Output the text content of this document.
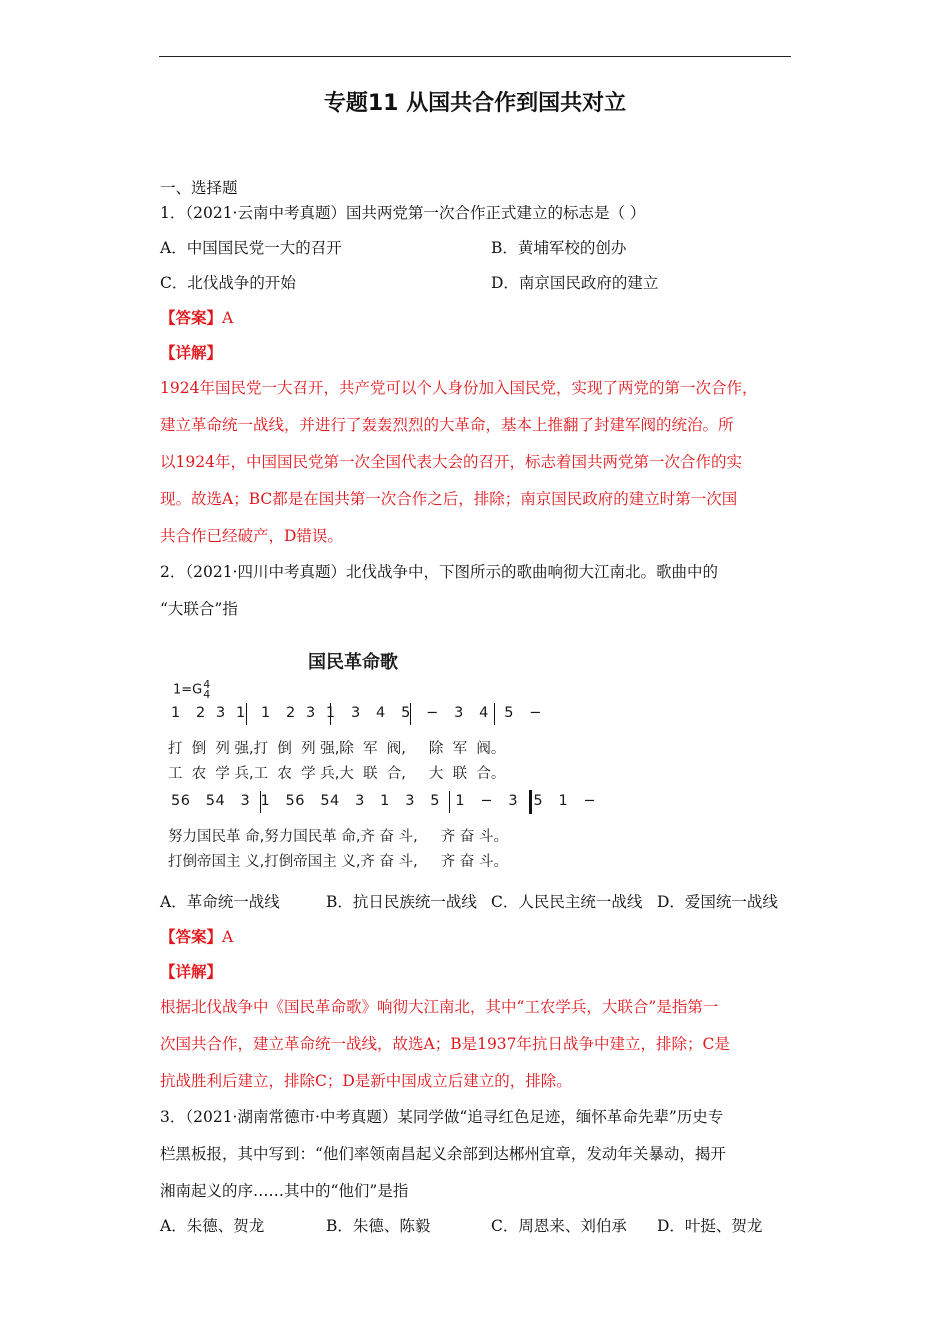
专题11 从国共合作到国共对立
一、选择题
1．（2021·云南中考真题）国共两党第一次合作正式建立的标志是（ ）
A．中国国民党一大的召开	B．黄埔军校的创办
C．北伐战争的开始	D．南京国民政府的建立
【答案】A
【详解】
1924年国民党一大召开，共产党可以个人身份加入国民党，实现了两党的第一次合作，
建立革命统一战线，并进行了轰轰烈烈的大革命，基本上推翻了封建军阀的统治。所
以1924年，中国国民党第一次全国代表大会的召开，标志着国共两党第一次合作的实
现。故选A；BC都是在国共第一次合作之后，排除；南京国民政府的建立时第一次国
共合作已经破产，D错误。
2．（2021·四川中考真题）北伐战争中，下图所示的歌曲响彻大江南北。歌曲中的
“大联合”指
国民革命歌
1=G4
4
1   2  3  1   1   2  3  1   3   4   5   −   3   4   5   −
打  倒  列 强,打  倒  列 强,除  军  阀,     除  军  阀。
工  农  学 兵,工  农  学 兵,大  联  合,     大  联  合。
56   54   3  1   56   54   3   1   3   5   1   −   3   5   1   −
努力国民革 命,努力国民革 命,齐 奋 斗,     齐 奋 斗。
打倒帝国主 义,打倒帝国主 义,齐 奋 斗,     齐 奋 斗。
A．革命统一战线	B．抗日民族统一战线 C．人民民主统一战线 D．爱国统一战线
【答案】A
【详解】
根据北伐战争中《国民革命歌》响彻大江南北，其中“工农学兵，大联合”是指第一
次国共合作，建立革命统一战线，故选A；B是1937年抗日战争中建立，排除；C是
抗战胜利后建立，排除C；D是新中国成立后建立的，排除。
3．（2021·湖南常德市·中考真题）某同学做“追寻红色足迹，缅怀革命先辈”历史专
栏黑板报，其中写到：“他们率领南昌起义余部到达郴州宜章，发动年关暴动，揭开
湘南起义的序……其中的“他们”是指
A．朱德、贺龙	B．朱德、陈毅	C．周恩来、刘伯承 D．叶挺、贺龙
